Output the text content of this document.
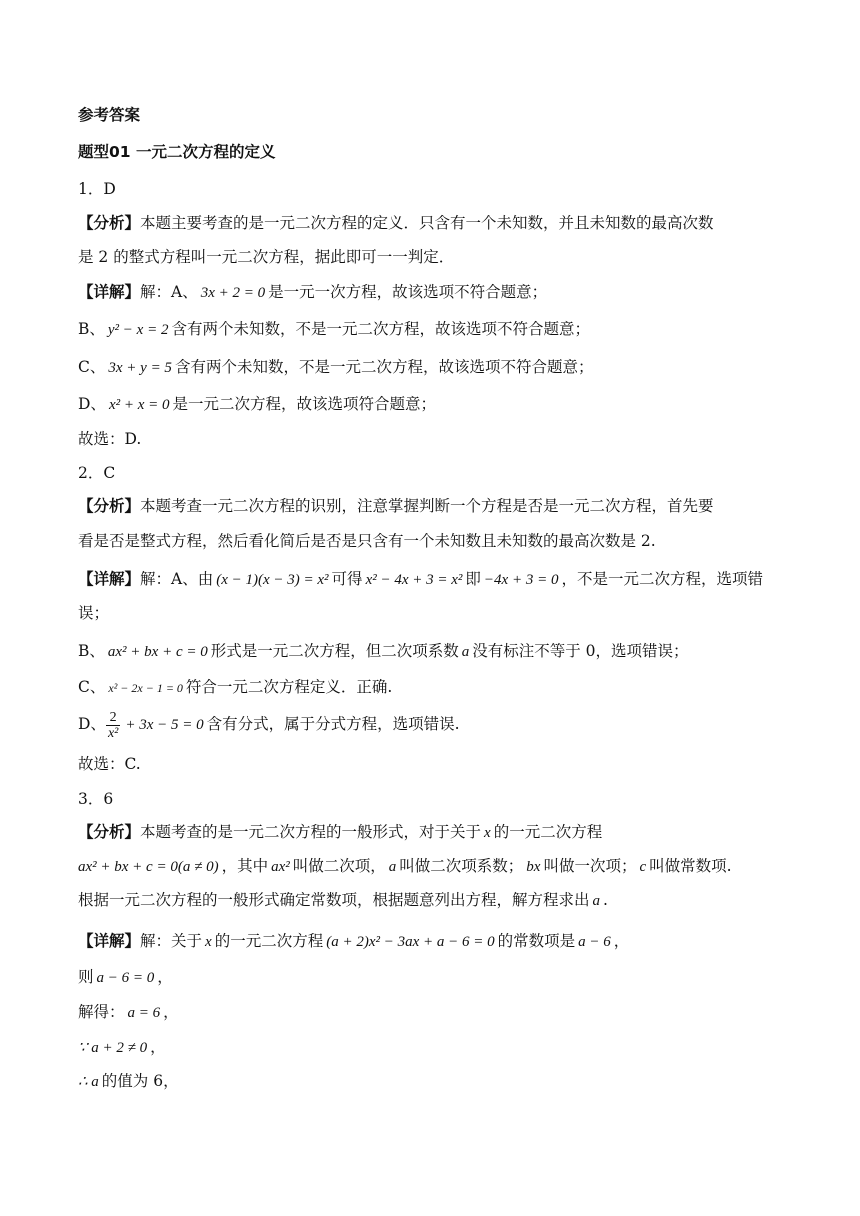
参考答案
题型01 一元二次方程的定义
1．D
【分析】本题主要考查的是一元二次方程的定义．只含有一个未知数，并且未知数的最高次数
是 2 的整式方程叫一元二次方程，据此即可一一判定．
【详解】解：A、 3x + 2 = 0 是一元一次方程，故该选项不符合题意；
B、 y² − x = 2 含有两个未知数，不是一元二次方程，故该选项不符合题意；
C、 3x + y = 5 含有两个未知数，不是一元二次方程，故该选项不符合题意；
D、 x² + x = 0 是一元二次方程，故该选项符合题意；
故选：D.
2．C
【分析】本题考查一元二次方程的识别，注意掌握判断一个方程是否是一元二次方程，首先要
看是否是整式方程，然后看化简后是否是只含有一个未知数且未知数的最高次数是 2.
【详解】解：A、由 (x − 1)(x − 3) = x² 可得 x² − 4x + 3 = x² 即 −4x + 3 = 0 ，不是一元二次方程，选项错
误；
B、 ax² + bx + c = 0 形式是一元二次方程，但二次项系数 a 没有标注不等于 0，选项错误；
C、 x² − 2x − 1 = 0 符合一元二次方程定义．正确.
D、 $\frac{2}{\text{x²}} + 3x - 5 = 0$ 含有分式，属于分式方程，选项错误.
故选：C.
3．6
【分析】本题考查的是一元二次方程的一般形式，对于关于 x 的一元二次方程
ax² + bx + c = 0(a ≠ 0) ，其中 ax² 叫做二次项， a 叫做二次项系数； bx 叫做一次项； c 叫做常数项.
根据一元二次方程的一般形式确定常数项，根据题意列出方程，解方程求出 a .
【详解】解：关于 x 的一元二次方程 (a + 2)x² − 3ax + a − 6 = 0 的常数项是 a − 6 ，
则 a − 6 = 0 ，
解得： a = 6 ，
∵ a + 2 ≠ 0 ，
∴ a 的值为 6，
